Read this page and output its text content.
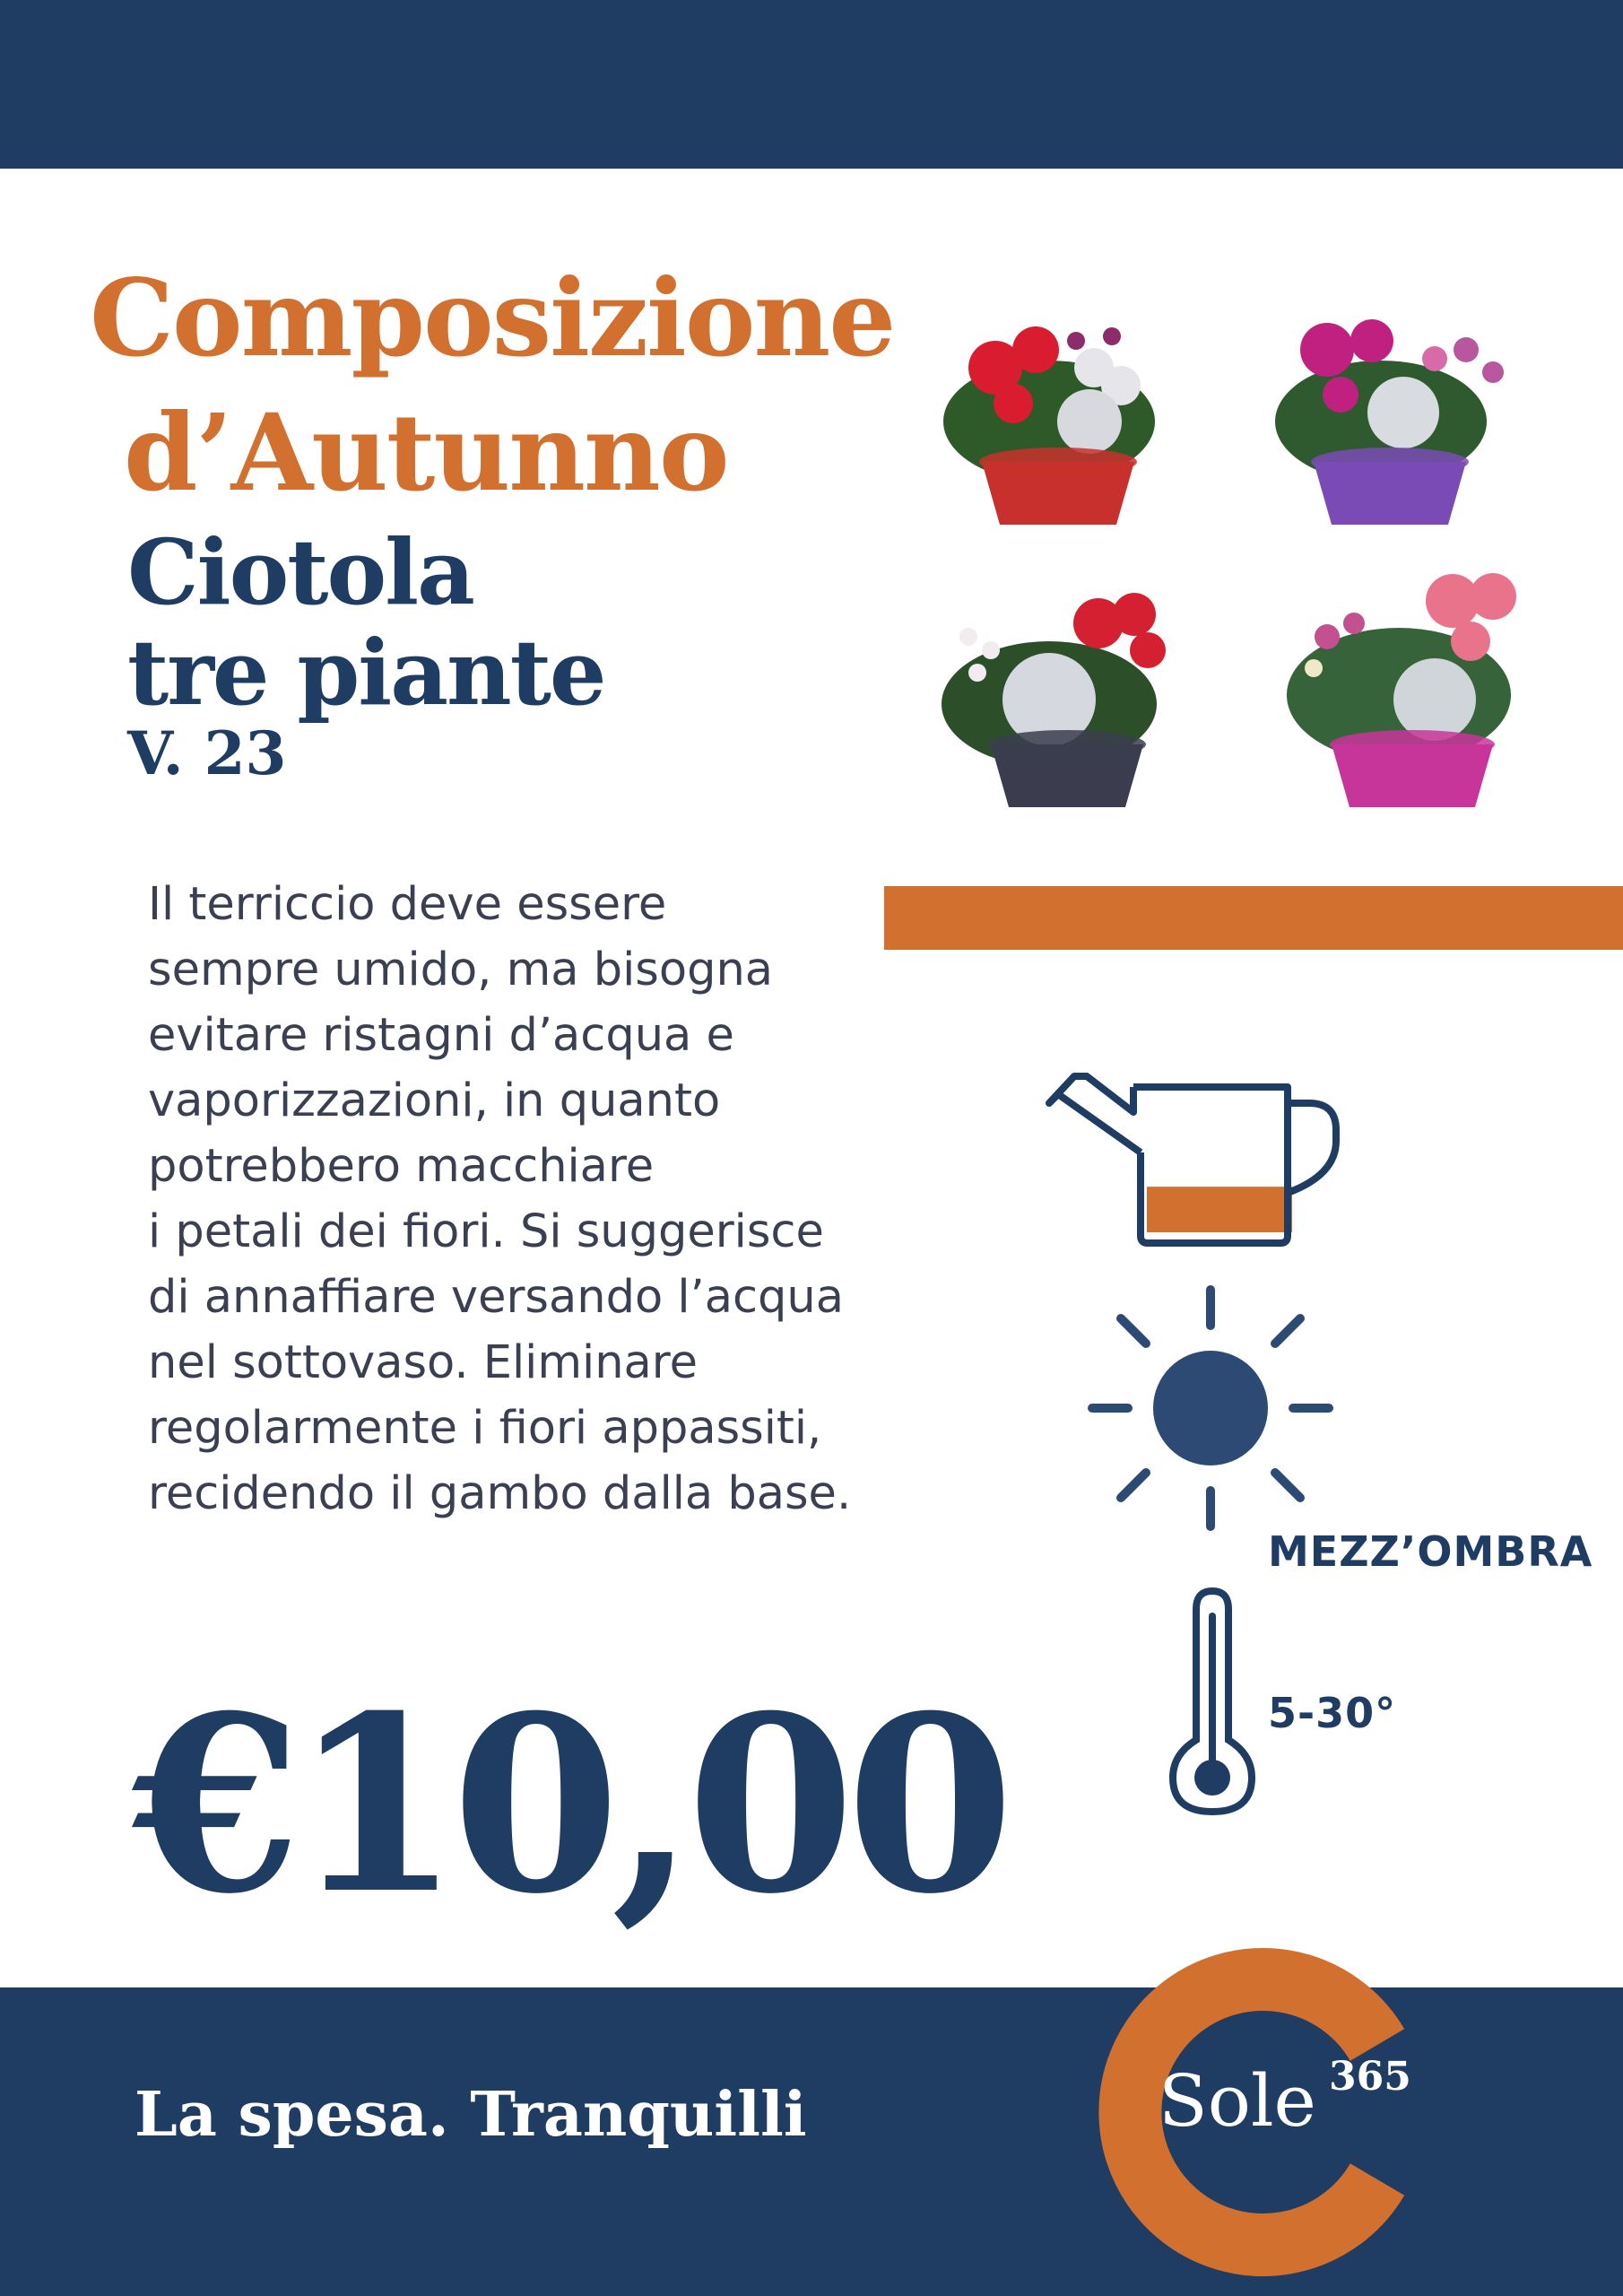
Composizione
d’Autunno
Ciotola
tre piante
V. 23

Il terriccio deve essere
sempre umido, ma bisogna
evitare ristagni d’acqua e
vaporizzazioni, in quanto
potrebbero macchiare
i petali dei fiori. Si suggerisce
di annaffiare versando l’acqua
nel sottovaso. Eliminare
regolarmente i fiori appassiti,
recidendo il gambo dalla base.

MEZZ’OMBRA
5-30°
€10,00
La spesa. Tranquilli	Sole 365
